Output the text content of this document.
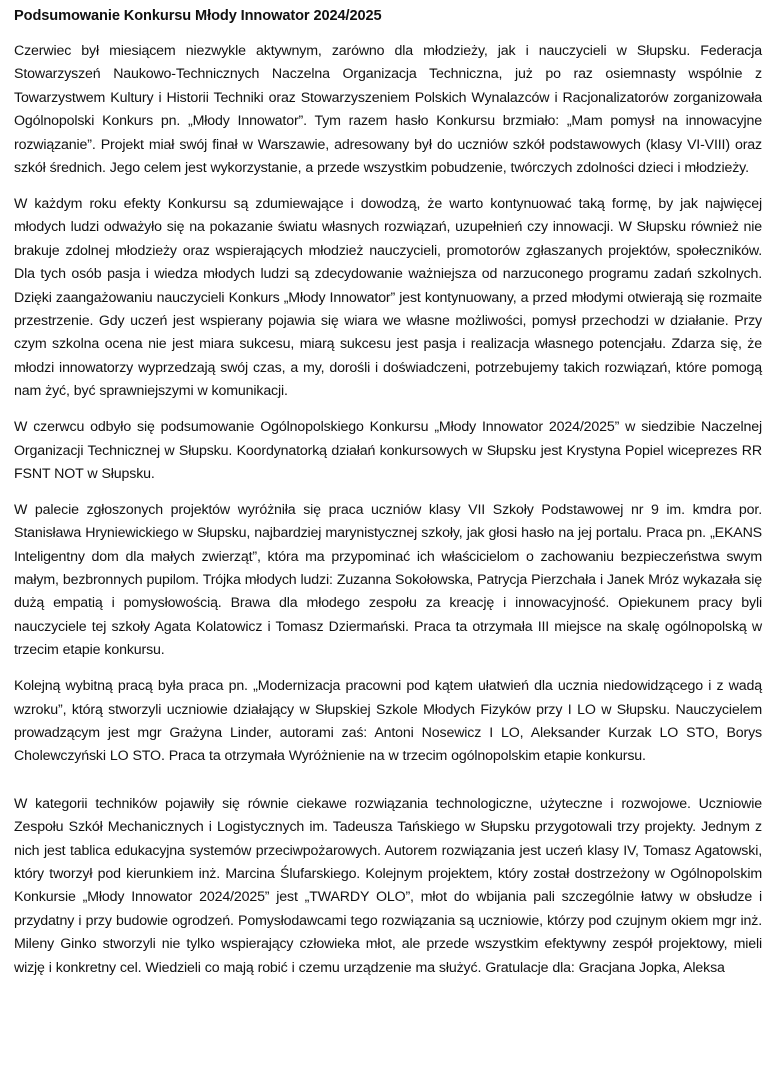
Podsumowanie Konkursu Młody Innowator 2024/2025

Czerwiec był miesiącem niezwykle aktywnym, zarówno dla młodzieży, jak i nauczycieli w Słupsku. Federacja Stowarzyszeń Naukowo-Technicznych Naczelna Organizacja Techniczna, już po raz osiemnasty wspólnie z Towarzystwem Kultury i Historii Techniki oraz Stowarzyszeniem Polskich Wynalazców i Racjonalizatorów zorganizowała Ogólnopolski Konkurs pn. „Młody Innowator”. Tym razem hasło Konkursu brzmiało: „Mam pomysł na innowacyjne rozwiązanie”. Projekt miał swój finał w Warszawie, adresowany był do uczniów szkół podstawowych (klasy VI-VIII) oraz szkół średnich. Jego celem jest wykorzystanie, a przede wszystkim pobudzenie, twórczych zdolności dzieci i młodzieży.

W każdym roku efekty Konkursu są zdumiewające i dowodzą, że warto kontynuować taką formę, by jak najwięcej młodych ludzi odważyło się na pokazanie światu własnych rozwiązań, uzupełnień czy innowacji. W Słupsku również nie brakuje zdolnej młodzieży oraz wspierających młodzież nauczycieli, promotorów zgłaszanych projektów, społeczników. Dla tych osób pasja i wiedza młodych ludzi są zdecydowanie ważniejsza od narzuconego programu zadań szkolnych. Dzięki zaangażowaniu nauczycieli Konkurs „Młody Innowator” jest kontynuowany, a przed młodymi otwierają się rozmaite przestrzenie. Gdy uczeń jest wspierany pojawia się wiara we własne możliwości, pomysł przechodzi w działanie. Przy czym szkolna ocena nie jest miara sukcesu, miarą sukcesu jest pasja i realizacja własnego potencjału. Zdarza się, że młodzi innowatorzy wyprzedzają swój czas, a my, dorośli i doświadczeni, potrzebujemy takich rozwiązań, które pomogą nam żyć, być sprawniejszymi w komunikacji.

W czerwcu odbyło się podsumowanie Ogólnopolskiego Konkursu „Młody Innowator 2024/2025” w siedzibie Naczelnej Organizacji Technicznej w Słupsku. Koordynatorką działań konkursowych w Słupsku jest Krystyna Popiel wiceprezes RR FSNT NOT w Słupsku.

W palecie zgłoszonych projektów wyróżniła się praca uczniów klasy VII Szkoły Podstawowej nr 9 im. kmdra por. Stanisława Hryniewickiego w Słupsku, najbardziej marynistycznej szkoły, jak głosi hasło na jej portalu. Praca pn. „EKANS Inteligentny dom dla małych zwierząt”, która ma przypominać ich właścicielom o zachowaniu bezpieczeństwa swym małym, bezbronnych pupilom. Trójka młodych ludzi: Zuzanna Sokołowska, Patrycja Pierzchała i Janek Mróz wykazała się dużą empatią i pomysłowością. Brawa dla młodego zespołu za kreację i innowacyjność. Opiekunem pracy byli nauczyciele tej szkoły Agata Kolatowicz i Tomasz Dziermański. Praca ta otrzymała III miejsce na skalę ogólnopolską w trzecim etapie konkursu.

Kolejną wybitną pracą była praca pn. „Modernizacja pracowni pod kątem ułatwień dla ucznia niedowidzącego i z wadą wzroku”, którą stworzyli uczniowie działający w Słupskiej Szkole Młodych Fizyków przy I LO w Słupsku. Nauczycielem prowadzącym jest mgr Grażyna Linder, autorami zaś: Antoni Nosewicz I LO, Aleksander Kurzak LO STO, Borys Cholewczyński LO STO. Praca ta otrzymała Wyróżnienie na w trzecim ogólnopolskim etapie konkursu.

W kategorii techników pojawiły się równie ciekawe rozwiązania technologiczne, użyteczne i rozwojowe. Uczniowie Zespołu Szkół Mechanicznych i Logistycznych im. Tadeusza Tańskiego w Słupsku przygotowali trzy projekty. Jednym z nich jest tablica edukacyjna systemów przeciwpożarowych. Autorem rozwiązania jest uczeń klasy IV, Tomasz Agatowski, który tworzył pod kierunkiem inż. Marcina Ślufarskiego. Kolejnym projektem, który został dostrzeżony w Ogólnopolskim Konkursie „Młody Innowator 2024/2025” jest „TWARDY OLO”, młot do wbijania pali szczególnie łatwy w obsłudze i przydatny i przy budowie ogrodzeń. Pomysłodawcami tego rozwiązania są uczniowie, którzy pod czujnym okiem mgr inż. Mileny Ginko stworzyli nie tylko wspierający człowieka młot, ale przede wszystkim efektywny zespół projektowy, mieli wizję i konkretny cel. Wiedzieli co mają robić i czemu urządzenie ma służyć. Gratulacje dla: Gracjana Jopka, Aleksa
